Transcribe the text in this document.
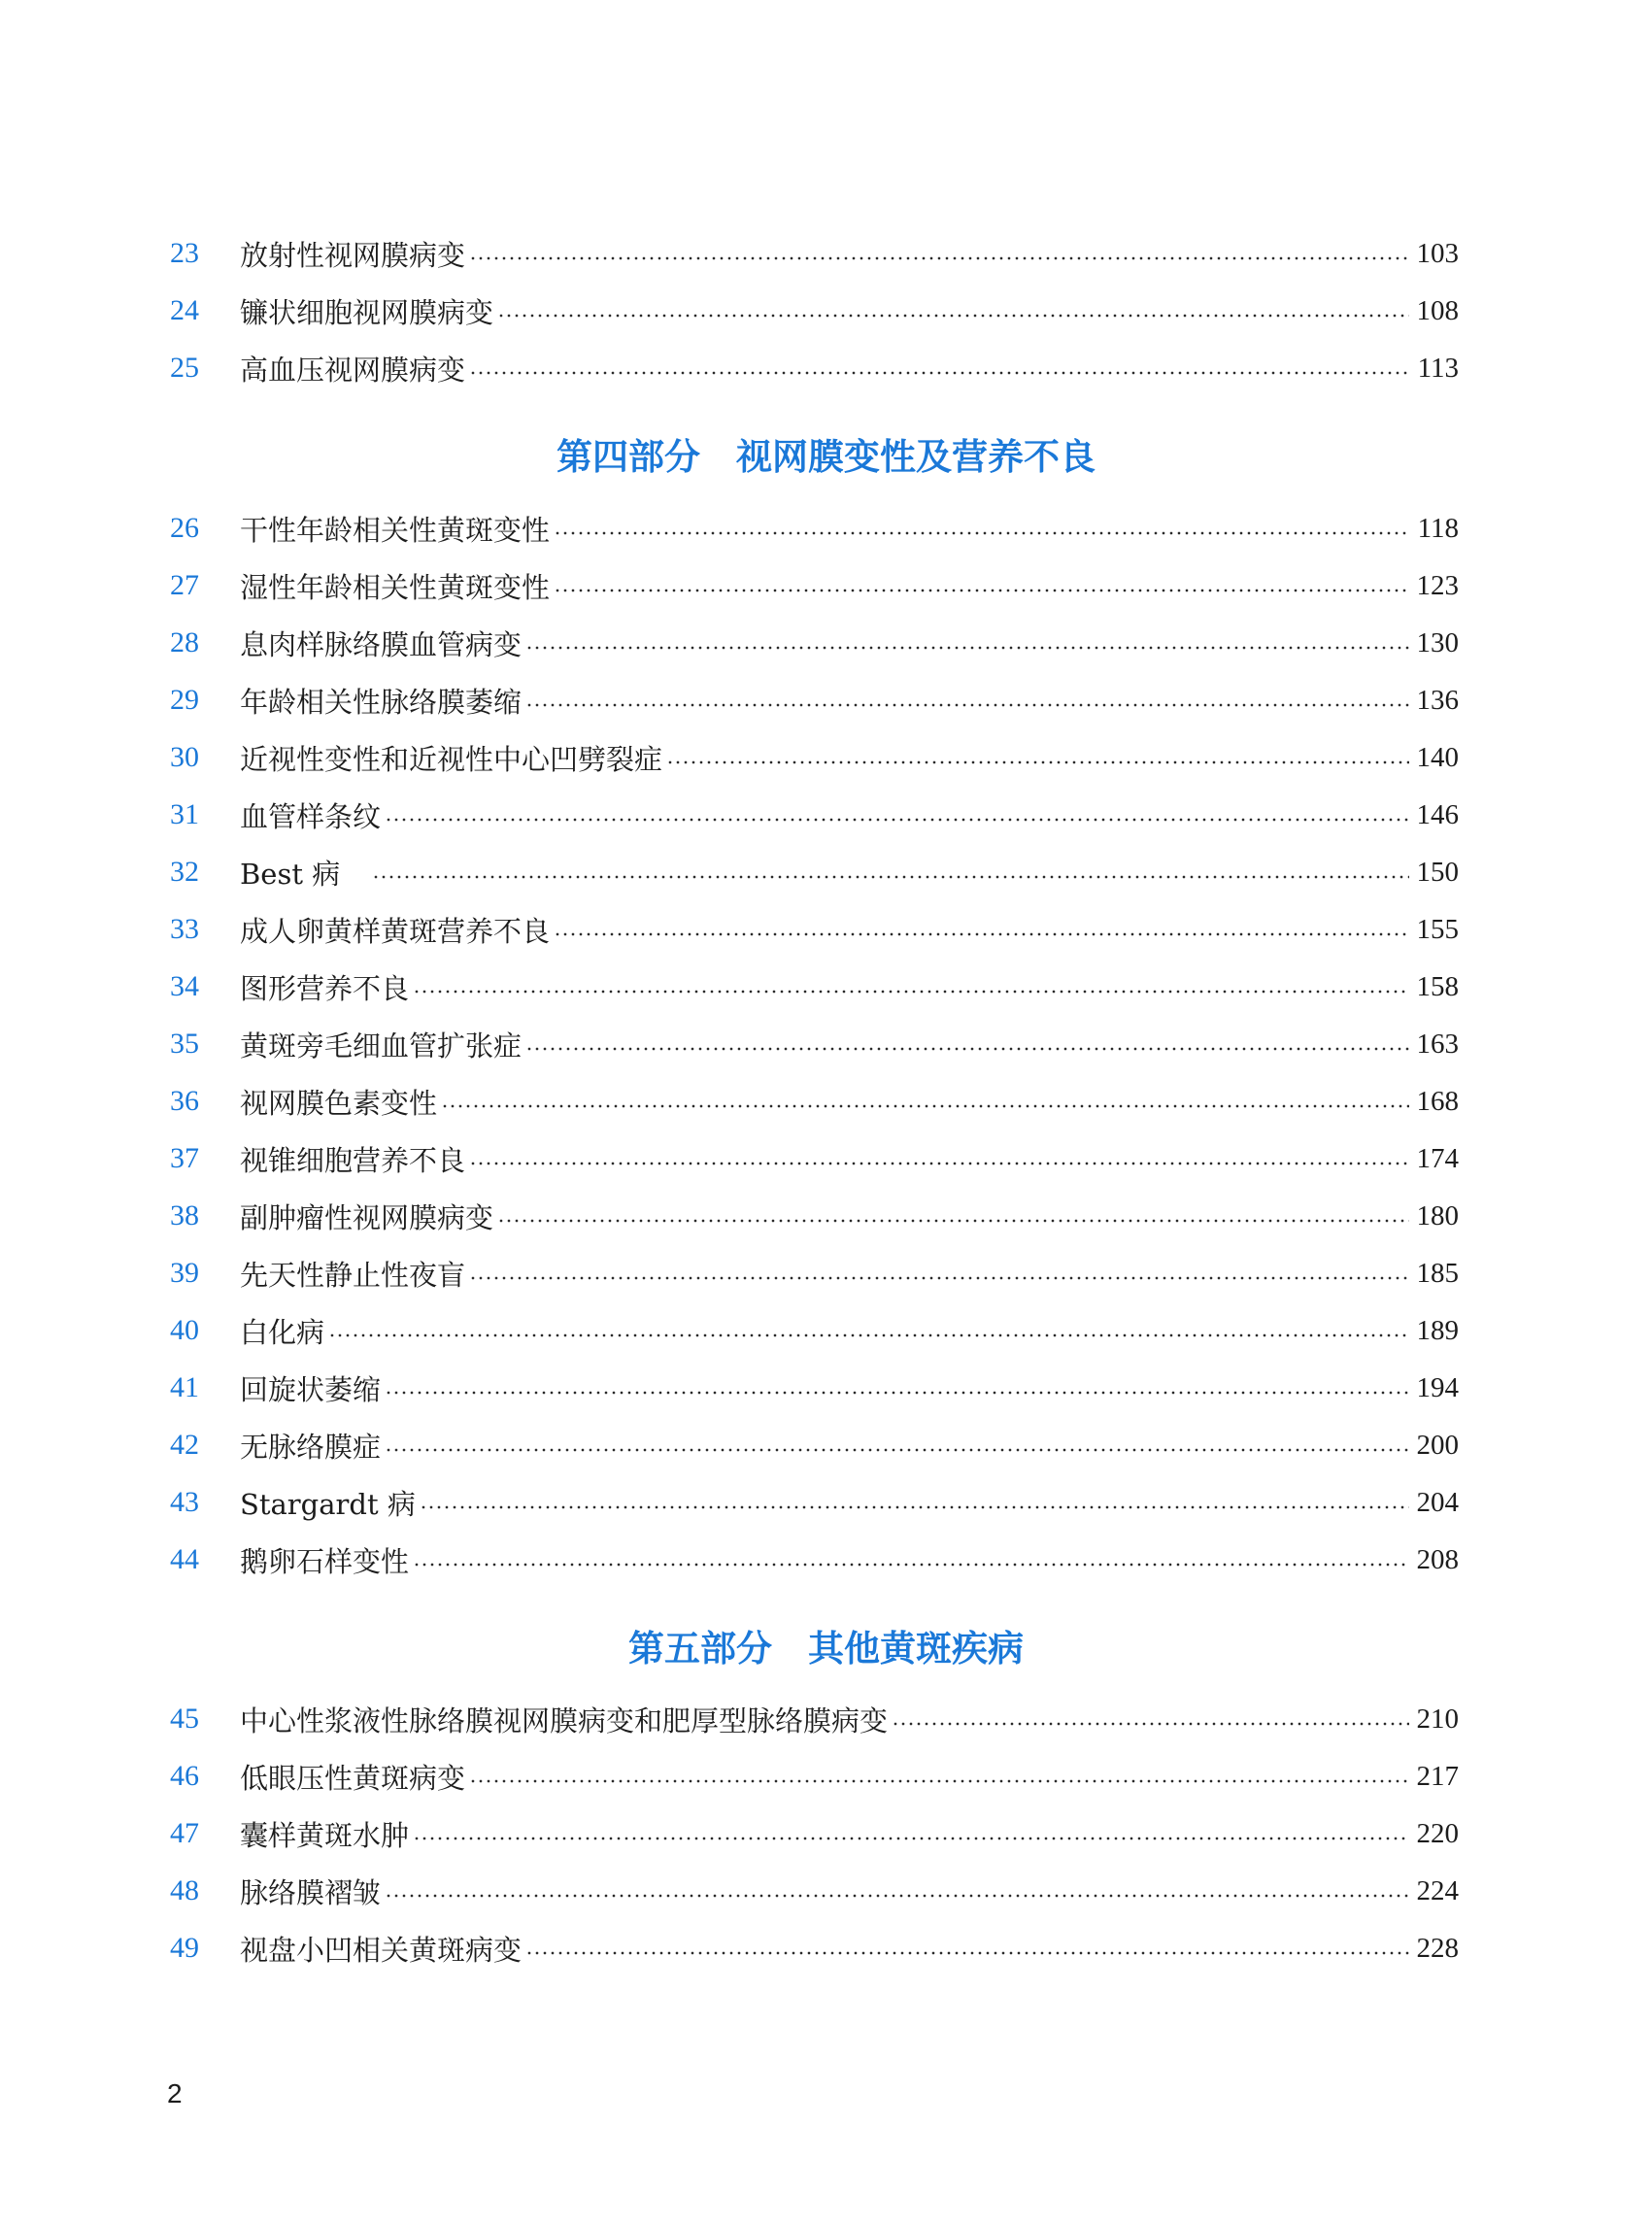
23	放射性视网膜病变	103
24	镰状细胞视网膜病变	108
25	高血压视网膜病变	113
第四部分　视网膜变性及营养不良
26	干性年龄相关性黄斑变性	118
27	湿性年龄相关性黄斑变性	123
28	息肉样脉络膜血管病变	130
29	年龄相关性脉络膜萎缩	136
30	近视性变性和近视性中心凹劈裂症	140
31	血管样条纹	146
32	Best 病　	150
33	成人卵黄样黄斑营养不良	155
34	图形营养不良	158
35	黄斑旁毛细血管扩张症	163
36	视网膜色素变性	168
37	视锥细胞营养不良	174
38	副肿瘤性视网膜病变	180
39	先天性静止性夜盲	185
40	白化病	189
41	回旋状萎缩	194
42	无脉络膜症	200
43	Stargardt 病	204
44	鹅卵石样变性	208
第五部分　其他黄斑疾病
45	中心性浆液性脉络膜视网膜病变和肥厚型脉络膜病变	210
46	低眼压性黄斑病变	217
47	囊样黄斑水肿	220
48	脉络膜褶皱	224
49	视盘小凹相关黄斑病变	228
2
